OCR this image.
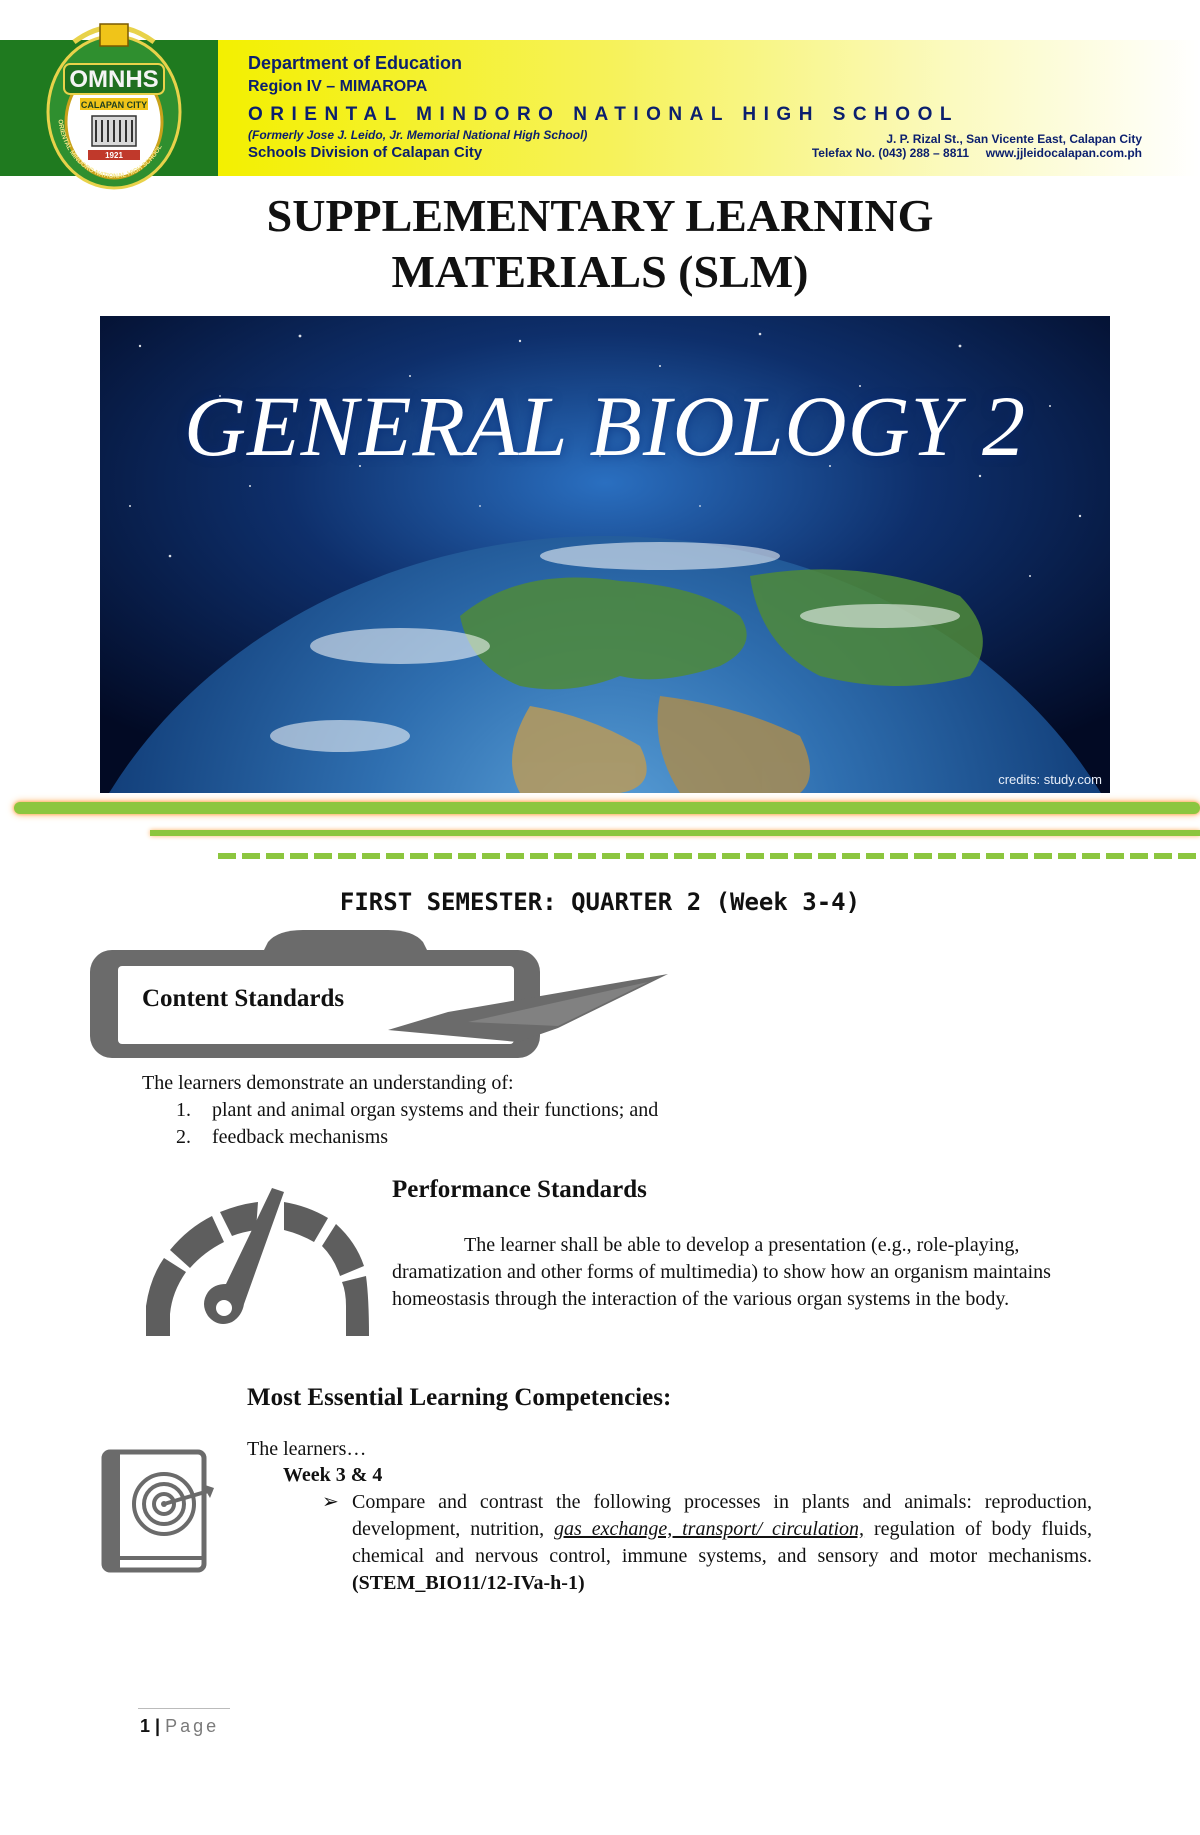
OMNHS
CALAPAN CITY
1921
ORIENTAL MINDORO NATIONAL HIGH SCHOOL
Department of Education
Region IV – MIMAROPA
ORIENTAL MINDORO NATIONAL HIGH SCHOOL
(Formerly Jose J. Leido, Jr. Memorial National High School)
Schools Division of Calapan City
J. P. Rizal St., San Vicente East, Calapan City
Telefax No. (043) 288 – 8811     www.jjleidocalapan.com.ph
SUPPLEMENTARY LEARNING
MATERIALS (SLM)
GENERAL BIOLOGY 2
credits: study.com
FIRST SEMESTER: QUARTER 2 (Week 3-4)
Content Standards
The learners demonstrate an understanding of:
1. plant and animal organ systems and their functions; and
2. feedback mechanisms
Performance Standards
The learner shall be able to develop a presentation (e.g., role-playing, dramatization and other forms of multimedia) to show how an organism maintains homeostasis through the interaction of the various organ systems in the body.
Most Essential Learning Competencies:
The learners…
Week 3 & 4
➢ Compare and contrast the following processes in plants and animals: reproduction, development, nutrition, gas exchange, transport/ circulation, regulation of body fluids, chemical and nervous control, immune systems, and sensory and motor mechanisms. (STEM_BIO11/12-IVa-h-1)
1 | Page
